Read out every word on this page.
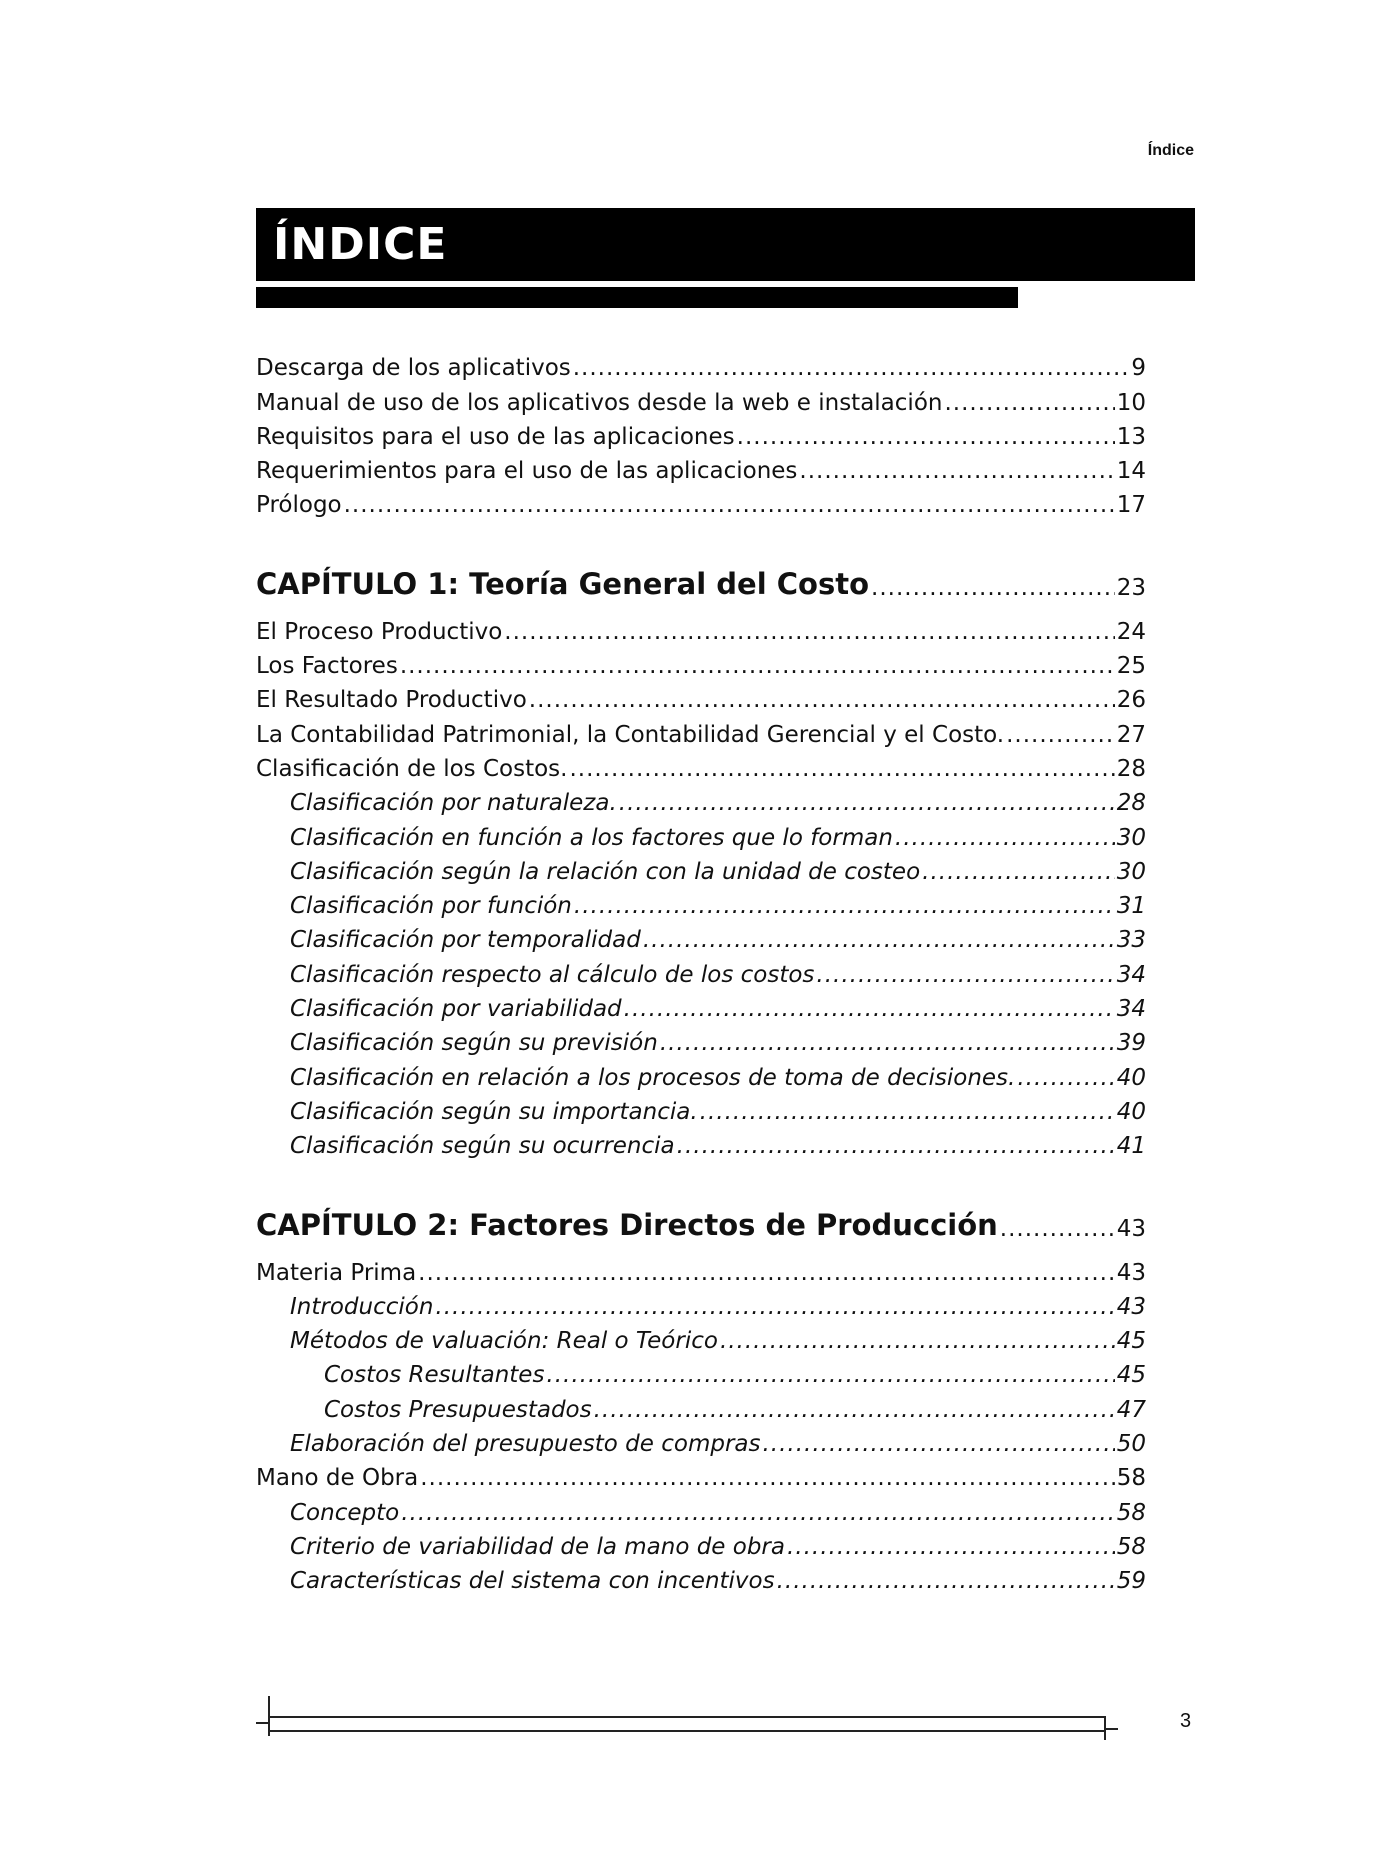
Índice
ÍNDICE
Descarga de los aplicativos .....	9
Manual de uso de los aplicativos desde la web e instalación .....	10
Requisitos para el uso de las aplicaciones .....	13
Requerimientos para el uso de las aplicaciones .....	14
Prólogo .....	17
CAPÍTULO 1: Teoría General del Costo .....	23
El Proceso Productivo .....	24
Los Factores .....	25
El Resultado Productivo .....	26
La Contabilidad Patrimonial, la Contabilidad Gerencial y el Costo. .....	27
Clasificación de los Costos. .....	28
Clasificación por naturaleza. .....	28
Clasificación en función a los factores que lo forman .....	30
Clasificación según la relación con la unidad de costeo .....	30
Clasificación por función .....	31
Clasificación por temporalidad .....	33
Clasificación respecto al cálculo de los costos .....	34
Clasificación por variabilidad .....	34
Clasificación según su previsión .....	39
Clasificación en relación a los procesos de toma de decisiones. .....	40
Clasificación según su importancia. .....	40
Clasificación según su ocurrencia .....	41
CAPÍTULO 2: Factores Directos de Producción .....	43
Materia Prima .....	43
Introducción .....	43
Métodos de valuación: Real o Teórico .....	45
Costos Resultantes .....	45
Costos Presupuestados .....	47
Elaboración del presupuesto de compras .....	50
Mano de Obra .....	58
Concepto .....	58
Criterio de variabilidad de la mano de obra .....	58
Características del sistema con incentivos .....	59
3
